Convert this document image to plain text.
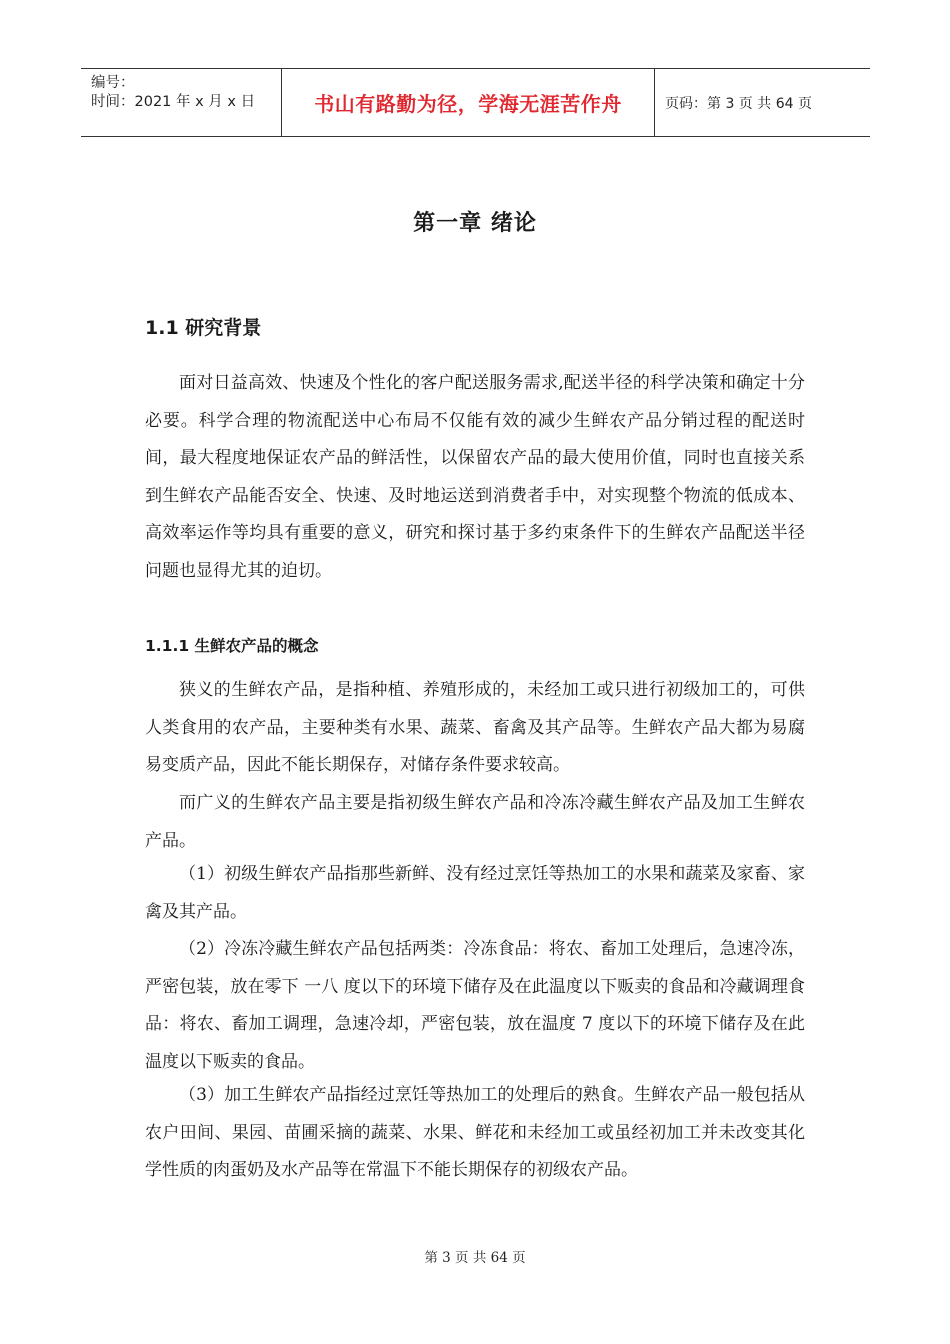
编号：
时间：2021 年 x 月 x 日	书山有路勤为径，学海无涯苦作舟	页码：第 3 页 共 64 页
第一章 绪论
1.1 研究背景

面对日益高效、快速及个性化的客户配送服务需求,配送半径的科学决策和确定十分必要。科学合理的物流配送中心布局不仅能有效的减少生鲜农产品分销过程的配送时间，最大程度地保证农产品的鲜活性，以保留农产品的最大使用价值，同时也直接关系到生鲜农产品能否安全、快速、及时地运送到消费者手中，对实现整个物流的低成本、高效率运作等均具有重要的意义，研究和探讨基于多约束条件下的生鲜农产品配送半径问题也显得尤其的迫切。

1.1.1 生鲜农产品的概念

狭义的生鲜农产品，是指种植、养殖形成的，未经加工或只进行初级加工的，可供人类食用的农产品，主要种类有水果、蔬菜、畜禽及其产品等。生鲜农产品大都为易腐易变质产品，因此不能长期保存，对储存条件要求较高。

而广义的生鲜农产品主要是指初级生鲜农产品和冷冻冷藏生鲜农产品及加工生鲜农产品。

（1）初级生鲜农产品指那些新鲜、没有经过烹饪等热加工的水果和蔬菜及家畜、家禽及其产品。

（2）冷冻冷藏生鲜农产品包括两类：冷冻食品：将农、畜加工处理后，急速冷冻，严密包装，放在零下 一八 度以下的环境下储存及在此温度以下贩卖的食品和冷藏调理食品：将农、畜加工调理，急速冷却，严密包装，放在温度 7 度以下的环境下储存及在此温度以下贩卖的食品。

（3）加工生鲜农产品指经过烹饪等热加工的处理后的熟食。生鲜农产品一般包括从农户田间、果园、苗圃采摘的蔬菜、水果、鲜花和未经加工或虽经初加工并未改变其化学性质的肉蛋奶及水产品等在常温下不能长期保存的初级农产品。

第 3 页 共 64 页
